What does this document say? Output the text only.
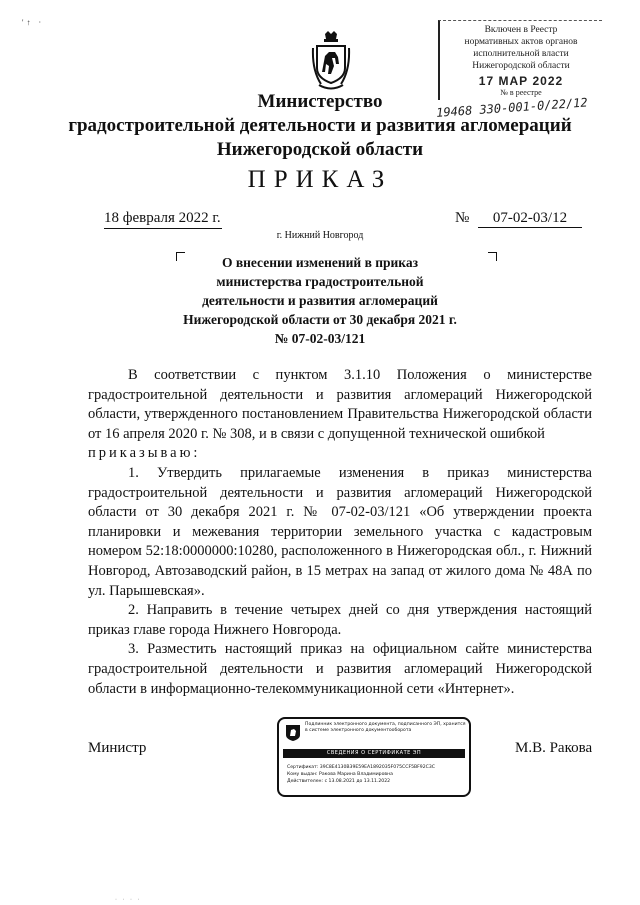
'↑ ·
Включен в Реестр
нормативных актов органов
исполнительной власти
Нижегородской области
17 МАР 2022
№ в реестре
19468 330-001-0/22/12
Министерство
градостроительной деятельности и развития агломераций
Нижегородской области
ПРИКАЗ
18 февраля 2022 г.	№	07-02-03/12
г. Нижний Новгород
О внесении изменений в приказ
министерства градостроительной
деятельности и развития агломераций
Нижегородской области от 30 декабря 2021 г.
№ 07-02-03/121

В соответствии с пунктом 3.1.10 Положения о министерстве градостроительной деятельности и развития агломераций Нижегородской области, утвержденного постановлением Правительства Нижегородской области от 16 апреля 2020 г. № 308, и в связи с допущенной технической ошибкой

приказываю:

1. Утвердить прилагаемые изменения в приказ министерства градостроительной деятельности и развития агломераций Нижегородской области от 30 декабря 2021 г. № 07-02-03/121 «Об утверждении проекта планировки и межевания территории земельного участка с кадастровым номером 52:18:0000000:10280, расположенного в Нижегородская обл., г. Нижний Новгород, Автозаводский район, в 15 метрах на запад от жилого дома № 48А по ул. Парышевская».

2. Направить в течение четырех дней со дня утверждения настоящий приказ главе города Нижнего Новгорода.

3. Разместить настоящий приказ на официальном сайте министерства градостроительной деятельности и развития агломераций Нижегородской области в информационно-телекоммуникационной сети «Интернет».

Министр	М.В. Ракова
Подлинник электронного документа, подписанного ЭП, хранится в системе электронного документооборота
СВЕДЕНИЯ О СЕРТИФИКАТЕ ЭП
Сертификат: 39C8E4130B39E59EA1892035F075CCF5BF92C3C
Кому выдан: Ракова Марина Владимировна
Действителен: с 13.08.2021 до 13.11.2022
· · · ·
